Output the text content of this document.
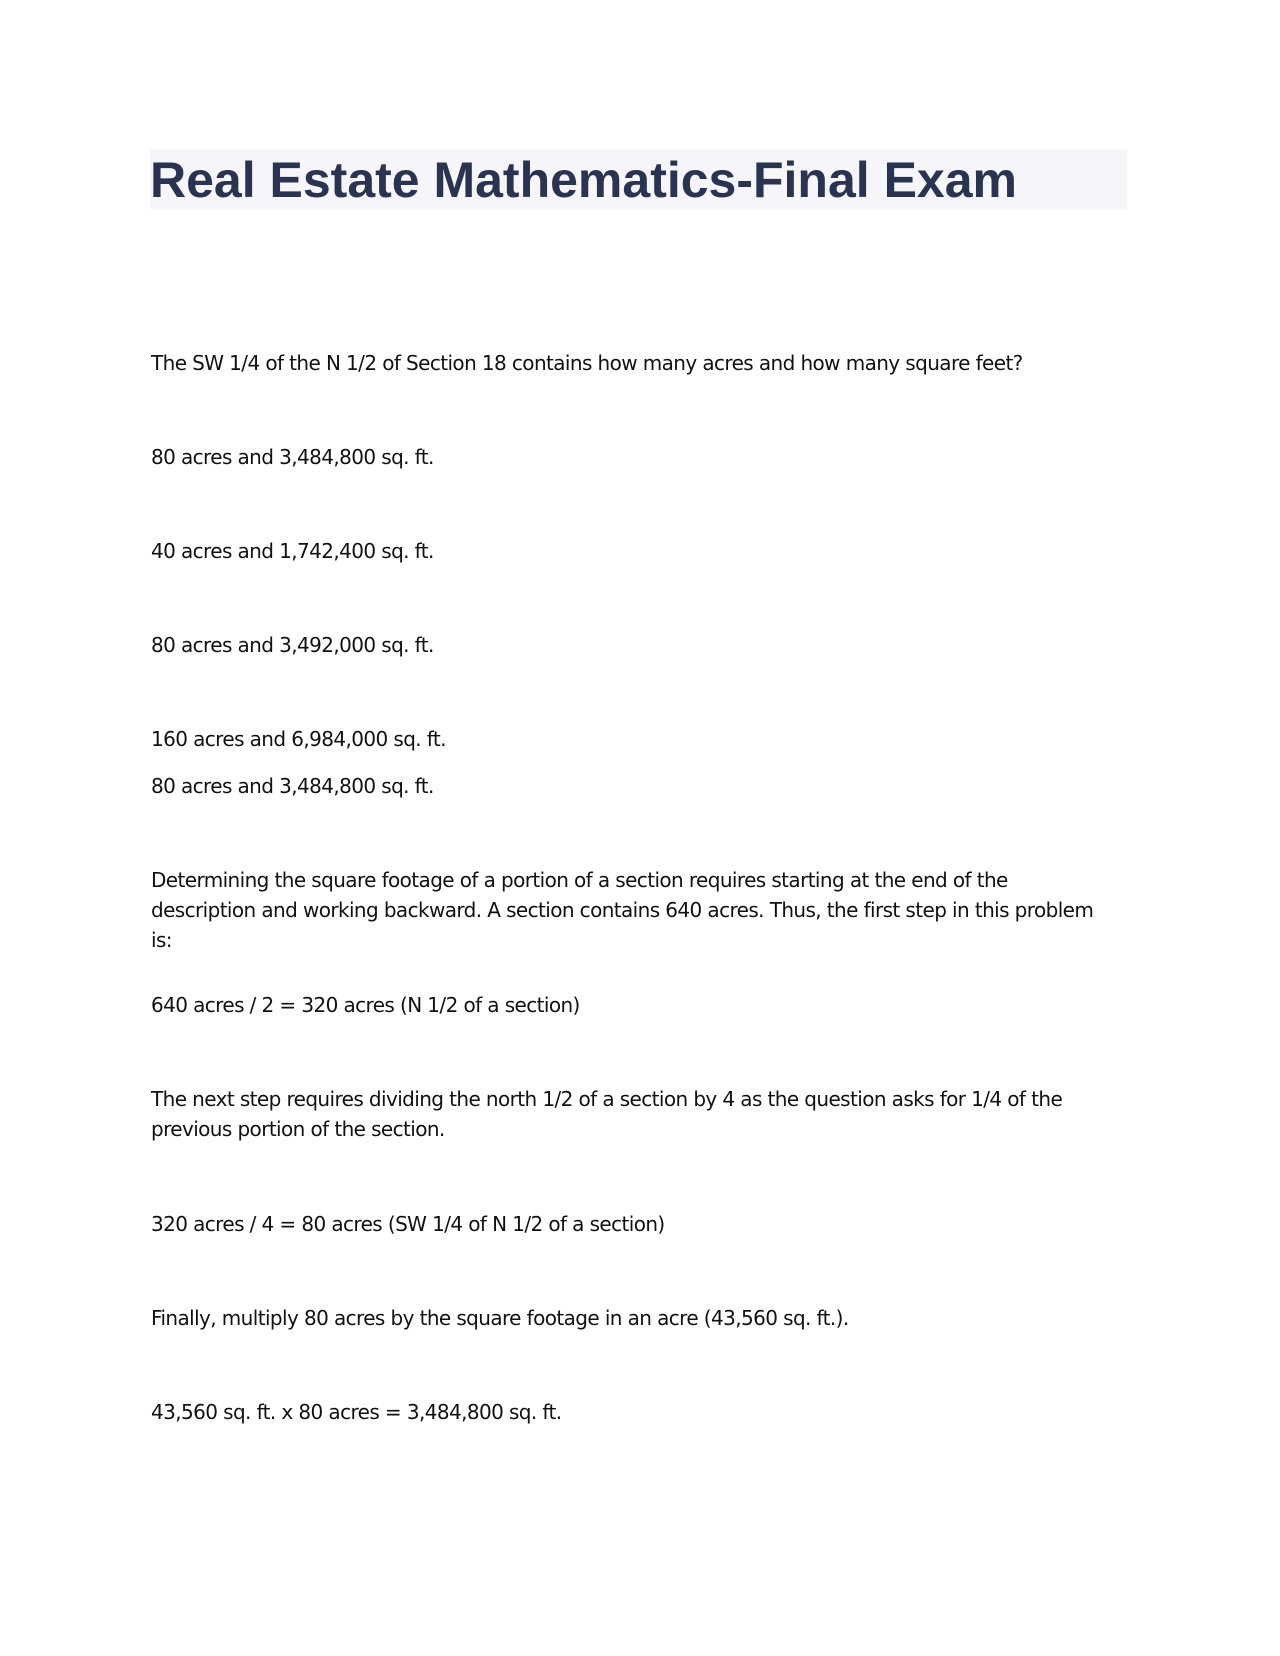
Real Estate Mathematics-Final Exam

The SW 1/4 of the N 1/2 of Section 18 contains how many acres and how many square feet?

80 acres and 3,484,800 sq. ft.

40 acres and 1,742,400 sq. ft.

80 acres and 3,492,000 sq. ft.

160 acres and 6,984,000 sq. ft.

80 acres and 3,484,800 sq. ft.

Determining the square footage of a portion of a section requires starting at the end of the description and working backward. A section contains 640 acres. Thus, the first step in this problem is:

640 acres / 2 = 320 acres (N 1/2 of a section)

The next step requires dividing the north 1/2 of a section by 4 as the question asks for 1/4 of the previous portion of the section.

320 acres / 4 = 80 acres (SW 1/4 of N 1/2 of a section)

Finally, multiply 80 acres by the square footage in an acre (43,560 sq. ft.).

43,560 sq. ft. x 80 acres = 3,484,800 sq. ft.
